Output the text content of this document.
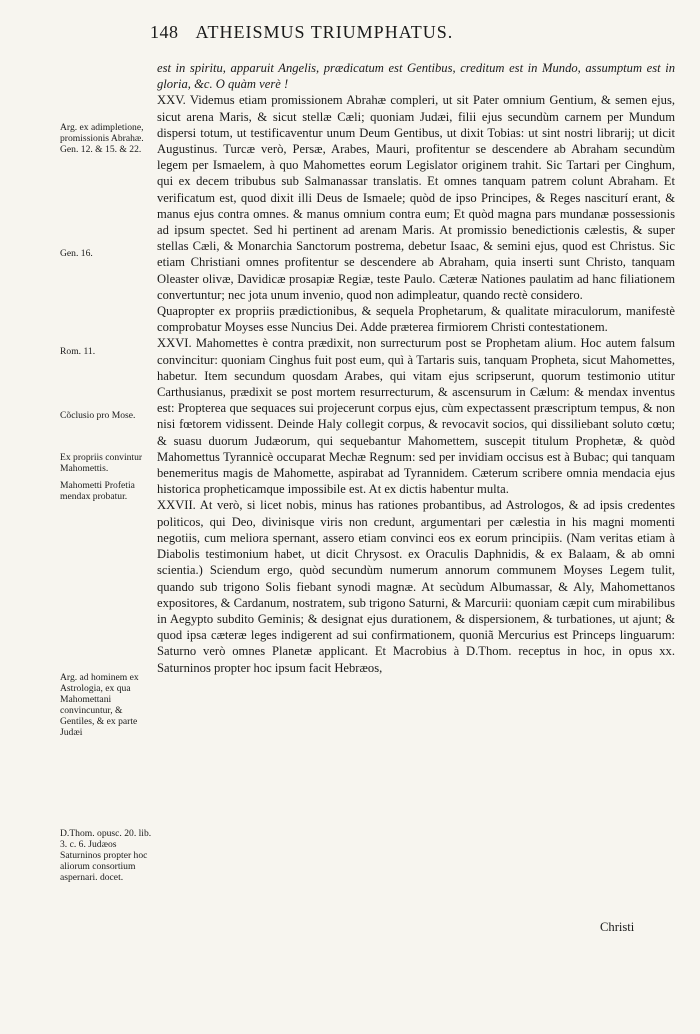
148 ATHEISMUS TRIUMPHATUS.
Arg. ex adimpletione, promissionis Abrahæ. Gen. 12. & 15. & 22.
Gen. 16.
Rom. 11.
Cõclusio pro Mose.
Ex propriis convintur Mahomettis.
Mahometti Profetia mendax probatur.
Arg. ad hominem ex Astrologia, ex qua Mahomettani convincuntur, & Gentiles, & ex parte Judæi
D.Thom. opusc. 20. lib. 3. c. 6. Judæos Saturninos propter hoc aliorum consortium aspernari. docet.

est in spiritu, apparuit Angelis, prædicatum est Gentibus, creditum est in Mundo, assumptum est in gloria, &c. O quàm verè !

XXV. Videmus etiam promissionem Abrahæ compleri, ut sit Pater omnium Gentium, & semen ejus, sicut arena Maris, & sicut stellæ Cæli; quoniam Judæi, filii ejus secundùm carnem per Mundum dispersi totum, ut testificaventur unum Deum Gentibus, ut dixit Tobias: ut sint nostri librarij; ut dicit Augustinus. Turcæ verò, Persæ, Arabes, Mauri, profitentur se descendere ab Abraham secundùm legem per Ismaelem, à quo Mahomettes eorum Legislator originem trahit. Sic Tartari per Cinghum, qui ex decem tribubus sub Salmanassar translatis. Et omnes tanquam patrem colunt Abraham. Et verificatum est, quod dixit illi Deus de Ismaele; quòd de ipso Principes, & Reges nasciturí erant, & manus ejus contra omnes. & manus omnium contra eum; Et quòd magna pars mundanæ possessionis ad ipsum spectet. Sed hi pertinent ad arenam Maris. At promissio benedictionis cælestis, & super stellas Cæli, & Monarchia Sanctorum postrema, debetur Isaac, & semini ejus, quod est Christus. Sic etiam Christiani omnes profitentur se descendere ab Abraham, quia inserti sunt Christo, tanquam Oleaster olivæ, Davidicæ prosapiæ Regiæ, teste Paulo. Cæteræ Nationes paulatim ad hanc filiationem convertuntur; nec jota unum invenio, quod non adimpleatur, quando rectè considero.

Quapropter ex propriis prædictionibus, & sequela Prophetarum, & qualitate miraculorum, manifestè comprobatur Moyses esse Nuncius Dei. Adde præterea firmiorem Christi contestationem.

XXVI. Mahomettes è contra prædixit, non surrecturum post se Prophetam alium. Hoc autem falsum convincitur: quoniam Cinghus fuit post eum, quì à Tartaris suis, tanquam Propheta, sicut Mahomettes, habetur. Item secundum quosdam Arabes, qui vitam ejus scripserunt, quorum testimonio utitur Carthusianus, prædixit se post mortem resurrecturum, & ascensurum in Cælum: & mendax inventus est: Propterea que sequaces sui projecerunt corpus ejus, cùm expectassent præscriptum tempus, & non nisi fœtorem vidissent. Deinde Haly collegit corpus, & revocavit socios, qui dissiliebant soluto cœtu; & suasu duorum Judæorum, qui sequebantur Mahomettem, suscepit titulum Prophetæ, & quòd Mahomettus Tyrannicè occuparat Mechæ Regnum: sed per invidiam occisus est à Bubac; qui tanquam benemeritus magis de Mahomette, aspirabat ad Tyrannidem. Cæterum scribere omnia mendacia ejus historica propheticamque impossibile est. At ex dictis habentur multa.

XXVII. At verò, si licet nobis, minus has rationes probantibus, ad Astrologos, & ad ipsis credentes politicos, qui Deo, divinisque viris non credunt, argumentari per cælestia in his magni momenti negotiis, cum meliora spernant, assero etiam convinci eos ex eorum principiis. (Nam veritas etiam à Diabolis testimonium habet, ut dicit Chrysost. ex Oraculis Daphnidis, & ex Balaam, & ab omni scientia.) Sciendum ergo, quòd secundùm numerum annorum communem Moyses Legem tulit, quando sub trigono Solis fiebant synodi magnæ. At secùdum Albumassar, & Aly, Mahomettanos expositores, & Cardanum, nostratem, sub trigono Saturni, & Marcurii: quoniam cæpit cum mirabilibus in Aegypto subdito Geminis; & designat ejus durationem, & dispersionem, & turbationes, ut ajunt; & quod ipsa cæteræ leges indigerent ad sui confirmationem, quoniã Mercurius est Princeps linguarum: Saturno verò omnes Planetæ applicant. Et Macrobius à D.Thom. receptus in hoc, in opus xx. Saturninos propter hoc ipsum facit Hebræos,

Christi
